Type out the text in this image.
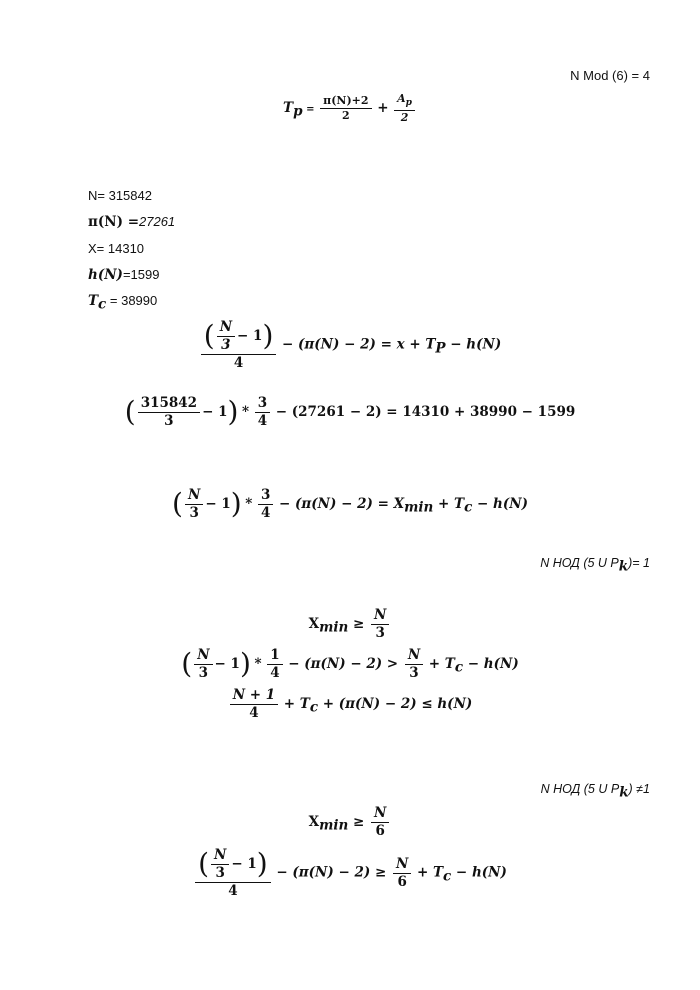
N Mod (6) = 4
$T_p = \frac{\pi(N)+2}{2} + \frac{A_p}{2}$
N= 315842
π(N) =27261
X= 14310
h(N)=1599
$T_c = 38990$
( $\frac{N}{3} - 1$ )
4
− $(\pi(N) - 2) = x + T_P - h(N)$
( $\frac{315842}{3} - 1$ ) * $\frac{3}{4} - (27261 - 2) = 14310 + 38990 - 1599$
( $\frac{N}{3} - 1$ ) * $\frac{3}{4} - (\pi(N) - 2) = X_{min} + T_c - h(N)$
N НОД (5 U $P_k)= 1$
$X_{min} \ge \frac{N}{3}$
( $\frac{N}{3} - 1$ ) * $\frac{1}{4} - (\pi(N) - 2) > \frac{N}{3} + T_c - h(N)$
$\frac{N + 1}{4} + T_c + (\pi(N) - 2) \le h(N)$
N НОД (5 U $P_k) \ne 1$
$X_{min} \ge \frac{N}{6}$
( $\frac{N}{3} - 1$ )
4
− $(\pi(N) - 2) \ge \frac{N}{6} + T_c - h(N)$
